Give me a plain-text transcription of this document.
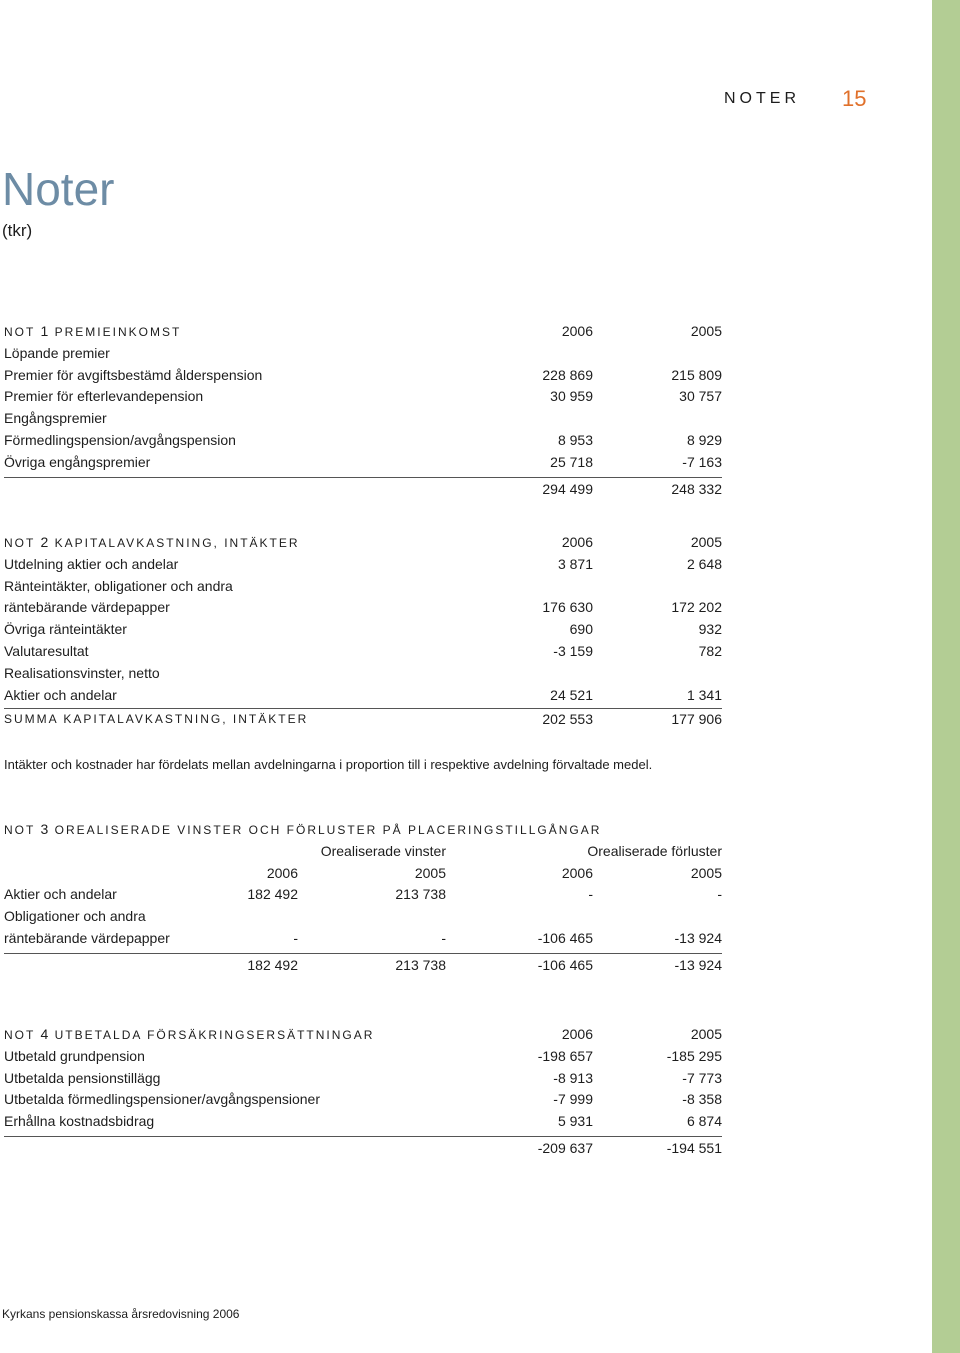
NOTER 15
Noter
(tkr)
NOT 1 PREMIEINKOMST	2006	2005
Löpande premier
Premier för avgiftsbestämd ålderspension	228 869	215 809
Premier för efterlevandepension	30 959	30 757
Engångspremier
Förmedlingspension/avgångspension	8 953	8 929
Övriga engångspremier	25 718	-7 163
294 499	248 332
NOT 2 KAPITALAVKASTNING, INTÄKTER	2006	2005
Utdelning aktier och andelar	3 871	2 648
Ränteintäkter, obligationer och andra
räntebärande värdepapper	176 630	172 202
Övriga ränteintäkter	690	932
Valutaresultat	-3 159	782
Realisationsvinster, netto
Aktier och andelar	24 521	1 341
SUMMA KAPITALAVKASTNING, INTÄKTER	202 553	177 906
Intäkter och kostnader har fördelats mellan avdelningarna i proportion till i respektive avdelning förvaltade medel.
NOT 3 OREALISERADE VINSTER OCH FÖRLUSTER PÅ PLACERINGSTILLGÅNGAR
Orealiserade vinster	Orealiserade förluster
2006	2005	2006	2005
Aktier och andelar	182 492	213 738	-	-
Obligationer och andra
räntebärande värdepapper	-	-	-106 465	-13 924
182 492	213 738	-106 465	-13 924
NOT 4 UTBETALDA FÖRSÄKRINGSERSÄTTNINGAR	2006	2005
Utbetald grundpension	-198 657	-185 295
Utbetalda pensionstillägg	-8 913	-7 773
Utbetalda förmedlingspensioner/avgångspensioner	-7 999	-8 358
Erhållna kostnadsbidrag	5 931	6 874
-209 637	-194 551
Kyrkans pensionskassa årsredovisning 2006
